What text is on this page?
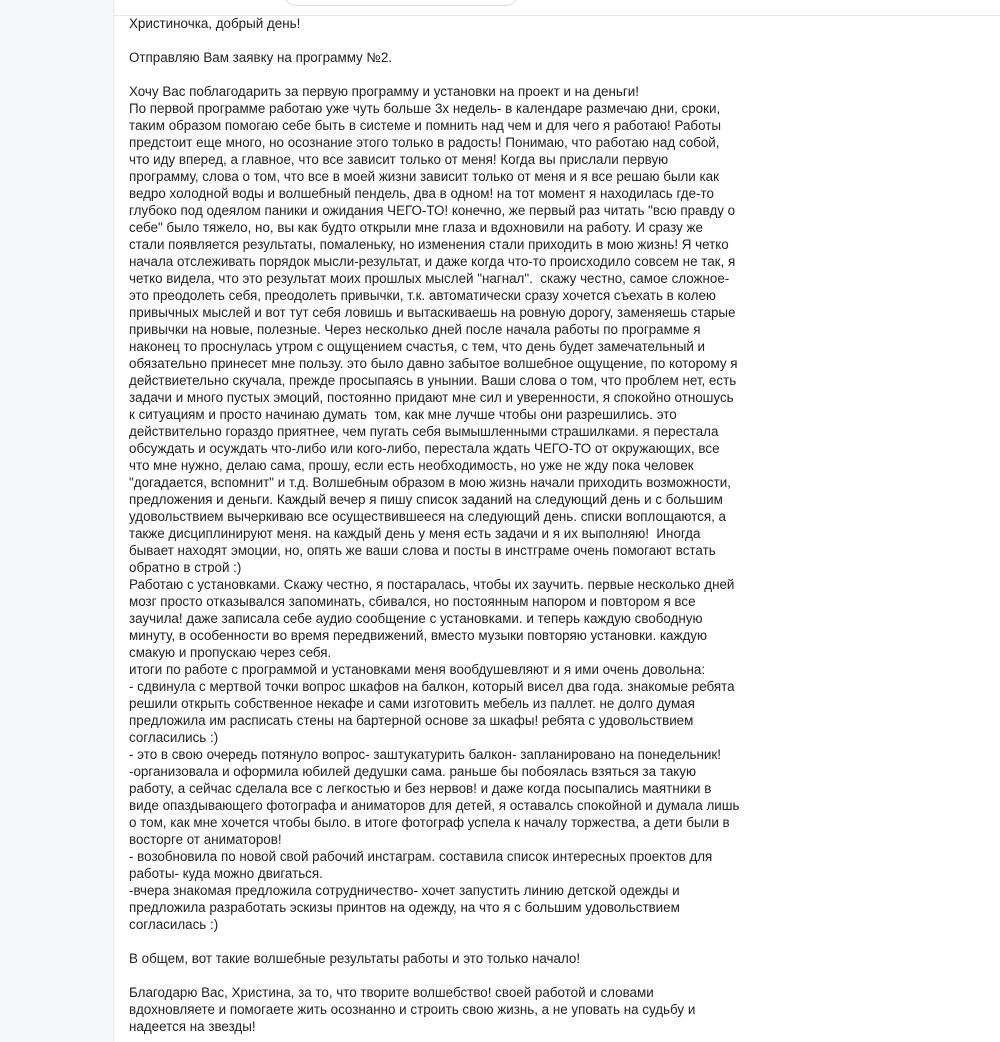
Христиночка, добрый день!
Отправляю Вам заявку на программу №2.
Хочу Вас поблагодарить за первую программу и установки на проект и на деньги!
По первой программе работаю уже чуть больше 3х недель- в календаре размечаю дни, сроки,
таким образом помогаю себе быть в системе и помнить над чем и для чего я работаю! Работы
предстоит еще много, но осознание этого только в радость! Понимаю, что работаю над собой,
что иду вперед, а главное, что все зависит только от меня! Когда вы прислали первую
программу, слова о том, что все в моей жизни зависит только от меня и я все решаю были как
ведро холодной воды и волшебный пендель, два в одном! на тот момент я находилась где-то
глубоко под одеялом паники и ожидания ЧЕГО-ТО! конечно, же первый раз читать "всю правду о
себе" было тяжело, но, вы как будто открыли мне глаза и вдохновили на работу. И сразу же
стали появляется результаты, помаленьку, но изменения стали приходить в мою жизнь! Я четко
начала отслеживать порядок мысли-результат, и даже когда что-то происходило совсем не так, я
четко видела, что это результат моих прошлых мыслей "нагнал".  скажу честно, самое сложное-
это преодолеть себя, преодолеть привычки, т.к. автоматически сразу хочется съехать в колею
привычных мыслей и вот тут себя ловишь и вытаскиваешь на ровную дорогу, заменяешь старые
привычки на новые, полезные. Через несколько дней после начала работы по программе я
наконец то проснулась утром с ощущением счастья, с тем, что день будет замечательный и
обязательно принесет мне пользу. это было давно забытое волшебное ощущение, по которому я
действиетельно скучала, прежде просыпаясь в унынии. Ваши слова о том, что проблем нет, есть
задачи и много пустых эмоций, постоянно придают мне сил и уверенности, я спокойно отношусь
к ситуациям и просто начинаю думать  том, как мне лучше чтобы они разрешились. это
действительно гораздо приятнее, чем пугать себя вымышленными страшилками. я перестала
обсуждать и осуждать что-либо или кого-либо, перестала ждать ЧЕГО-ТО от окружающих, все
что мне нужно, делаю сама, прошу, если есть необходимость, но уже не жду пока человек
"догадается, вспомнит" и т.д. Волшебным образом в мою жизнь начали приходить возможности,
предложения и деньги. Каждый вечер я пишу список заданий на следующий день и с большим
удовольствием вычеркиваю все осуществившееся на следующий день. списки воплощаются, а
также дисциплинируют меня. на каждый день у меня есть задачи и я их выполняю!  Иногда
бывает находят эмоции, но, опять же ваши слова и посты в инстграме очень помогают встать
обратно в строй :)
Работаю с установками. Скажу честно, я постаралась, чтобы их заучить. первые несколько дней
мозг просто отказывался запоминать, сбивался, но постоянным напором и повтором я все
заучила! даже записала себе аудио сообщение с установками. и теперь каждую свободную
минуту, в особенности во время передвижений, вместо музыки повторяю установки. каждую
смакую и пропускаю через себя.
итоги по работе с программой и установками меня вообдушевляют и я ими очень довольна:
- сдвинула с мертвой точки вопрос шкафов на балкон, который висел два года. знакомые ребята
решили открыть собственное некафе и сами изготовить мебель из паллет. не долго думая
предложила им расписать стены на бартерной основе за шкафы! ребята с удовольствием
согласились :)
- это в свою очередь потянуло вопрос- заштукатурить балкон- запланировано на понедельник!
-организовала и оформила юбилей дедушки сама. раньше бы побоялась взяться за такую
работу, а сейчас сделала все с легкостью и без нервов! и даже когда посыпались маятники в
виде опаздывающего фотографа и аниматоров для детей, я оставалсь спокойной и думала лишь
о том, как мне хочется чтобы было. в итоге фотограф успела к началу торжества, а дети были в
восторге от аниматоров!
- возобновила по новой свой рабочий инстаграм. составила список интересных проектов для
работы- куда можно двигаться.
-вчера знакомая предложила сотрудничество- хочет запустить линию детской одежды и
предложила разработать эскизы принтов на одежду, на что я с большим удовольствием
согласилась :)
В общем, вот такие волшебные результаты работы и это только начало!
Благодарю Вас, Христина, за то, что творите волшебство! своей работой и словами
вдохновляете и помогаете жить осознанно и строить свою жизнь, а не уповать на судьбу и
надеется на звезды!
